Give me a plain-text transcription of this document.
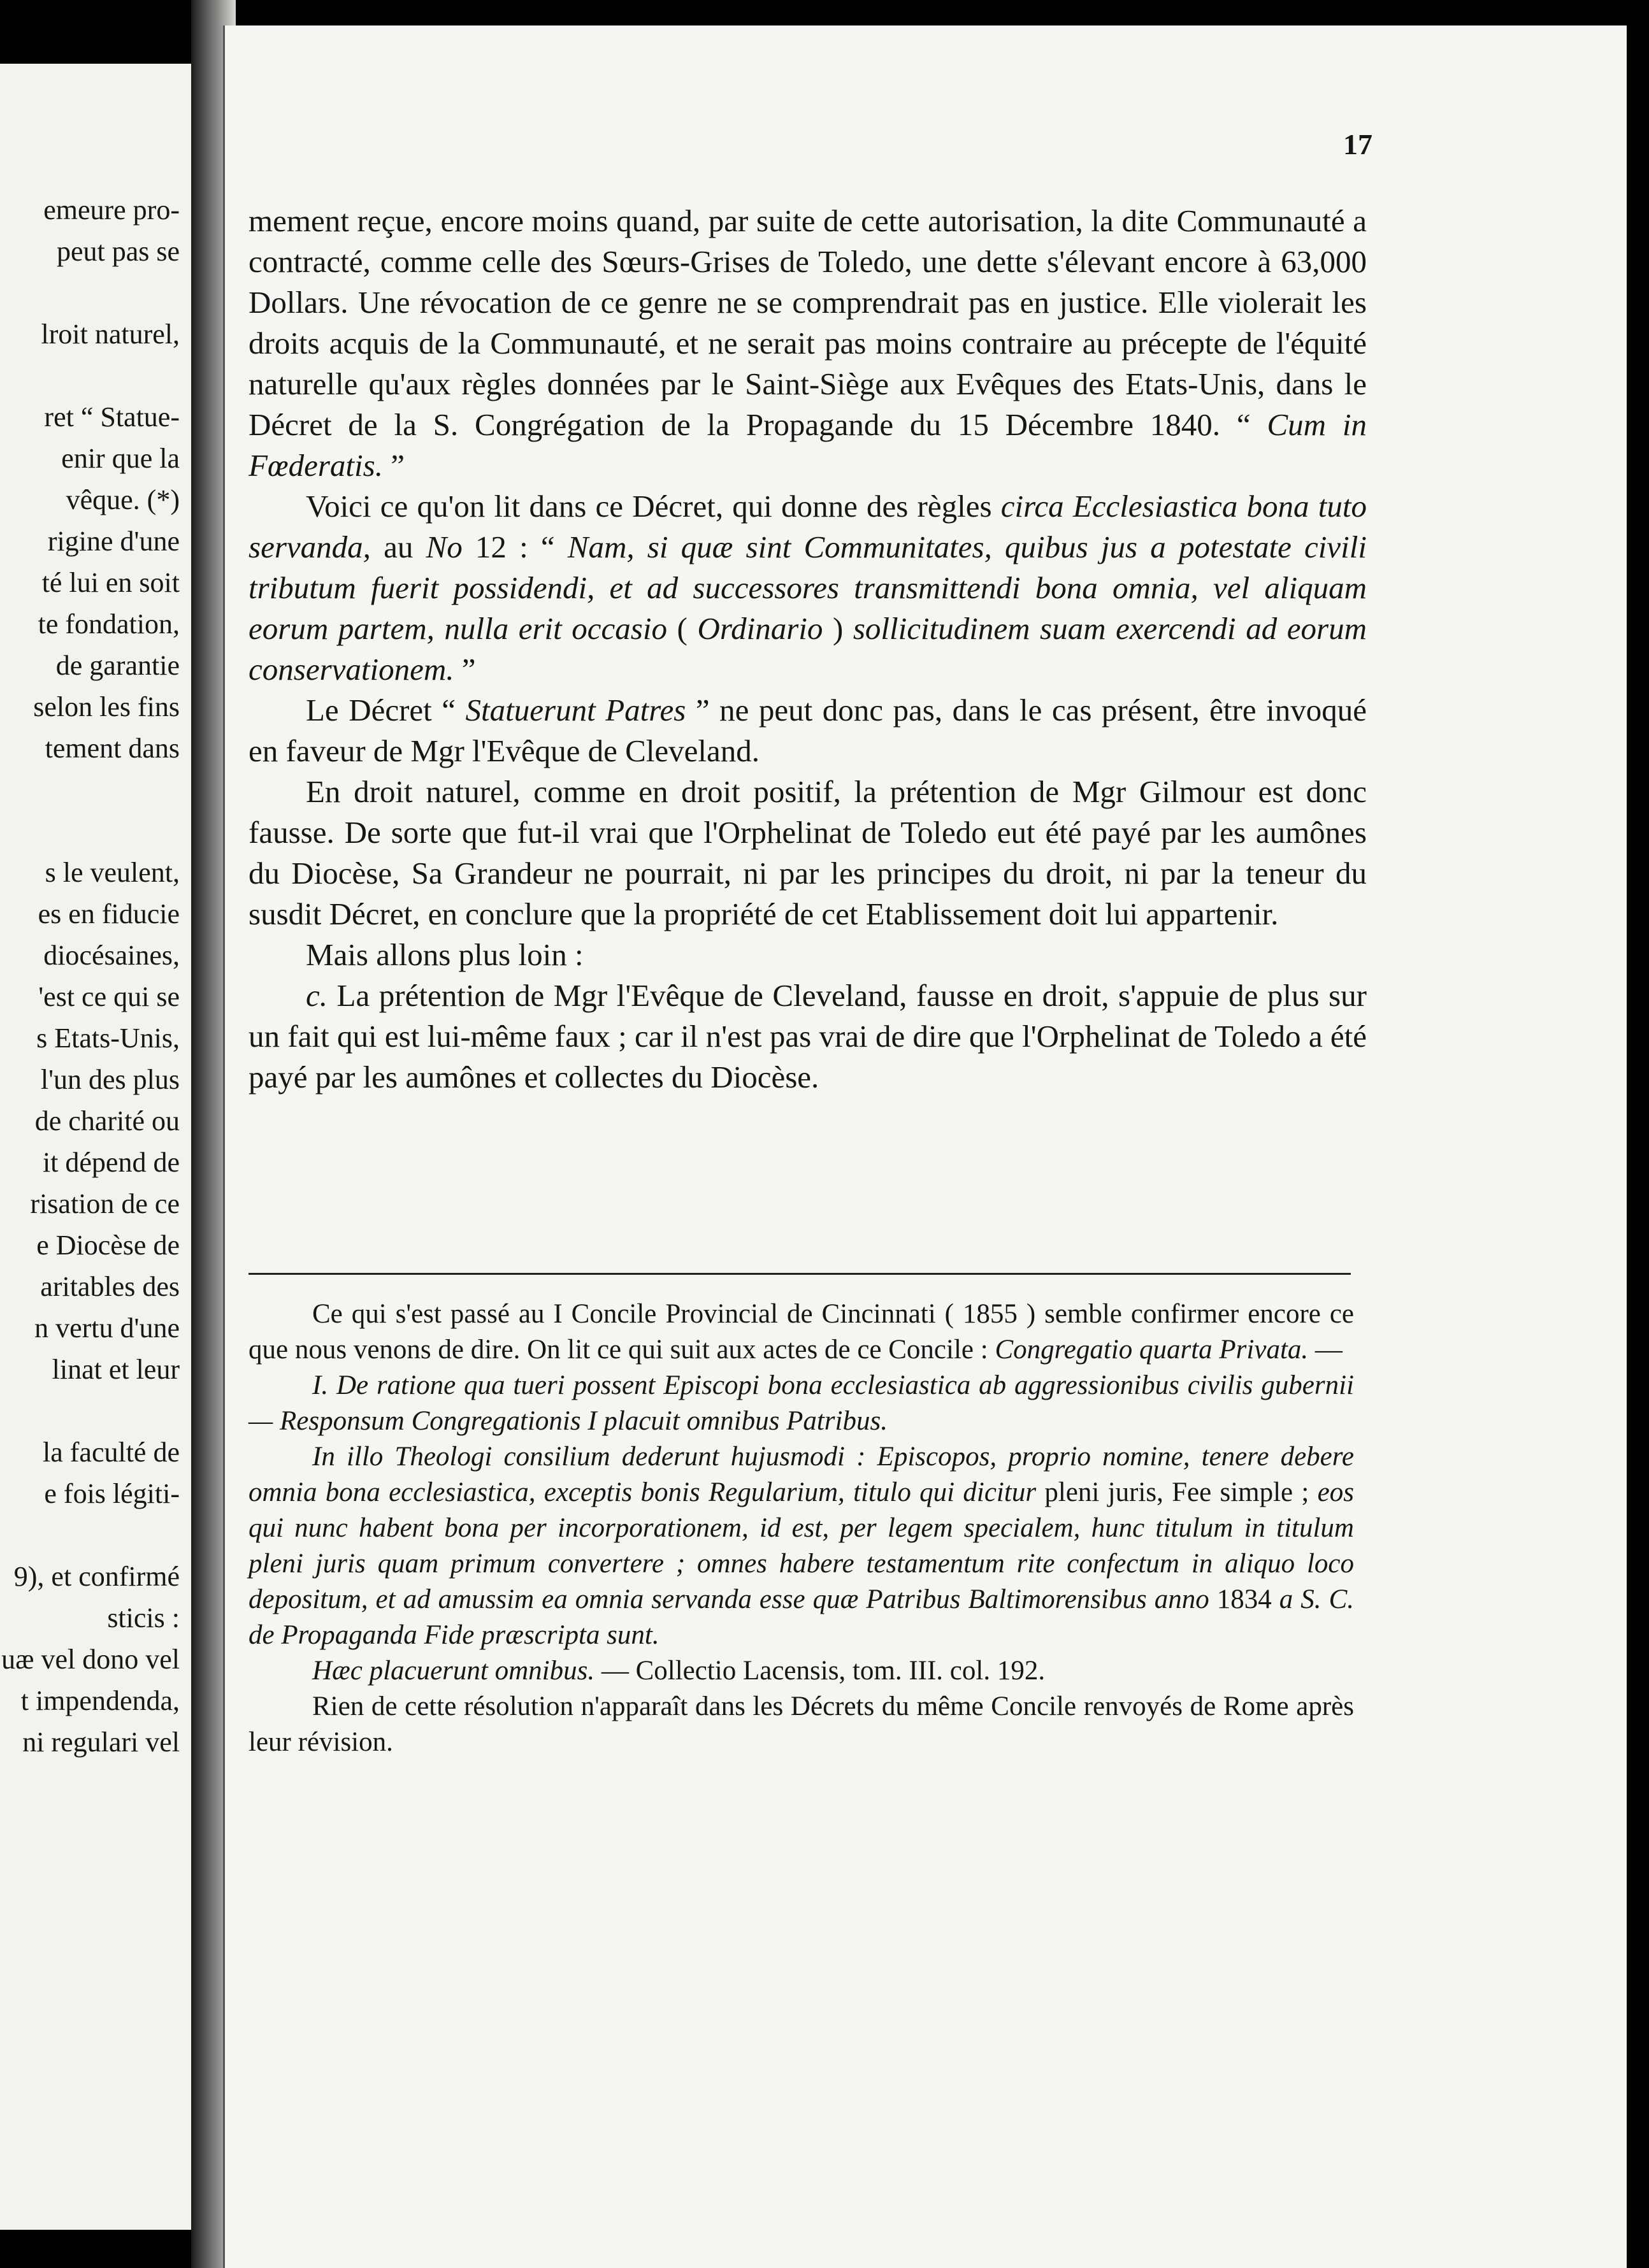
emeure pro-
peut pas se
lroit naturel,
ret “ Statue-
enir que la
vêque. (*)
rigine d'une
té lui en soit
te fondation,
de garantie
selon les fins
tement dans
s le veulent,
es en fiducie
diocésaines,
'est ce qui se
s Etats-Unis,
l'un des plus
de charité ou
it dépend de
risation de ce
e Diocèse de
aritables des
n vertu d'une
linat et leur
la faculté de
e fois légiti-
9), et confirmé
sticis :
uæ vel dono vel
t impendenda,
ni regulari vel
17

mement reçue, encore moins quand, par suite de cette autorisation, la dite Communauté a contracté, comme celle des Sœurs-Grises de Toledo, une dette s'élevant encore à 63,000 Dollars. Une révocation de ce genre ne se comprendrait pas en justice. Elle violerait les droits acquis de la Communauté, et ne serait pas moins contraire au précepte de l'équité naturelle qu'aux règles données par le Saint-Siège aux Evêques des Etats-Unis, dans le Décret de la S. Congrégation de la Propagande du 15 Décembre 1840. “ Cum in Fœderatis. ”

Voici ce qu'on lit dans ce Décret, qui donne des règles circa Ecclesiastica bona tuto servanda, au No 12 : “ Nam, si quæ sint Communitates, quibus jus a potestate civili tributum fuerit possidendi, et ad successores transmittendi bona omnia, vel aliquam eorum partem, nulla erit occasio ( Ordinario ) sollicitudinem suam exercendi ad eorum conservationem. ”

Le Décret “ Statuerunt Patres ” ne peut donc pas, dans le cas présent, être invoqué en faveur de Mgr l'Evêque de Cleveland.

En droit naturel, comme en droit positif, la prétention de Mgr Gilmour est donc fausse. De sorte que fut-il vrai que l'Orphelinat de Toledo eut été payé par les aumônes du Diocèse, Sa Grandeur ne pourrait, ni par les principes du droit, ni par la teneur du susdit Décret, en conclure que la propriété de cet Etablissement doit lui appartenir.

Mais allons plus loin :

c. La prétention de Mgr l'Evêque de Cleveland, fausse en droit, s'appuie de plus sur un fait qui est lui-même faux ; car il n'est pas vrai de dire que l'Orphelinat de Toledo a été payé par les aumônes et collectes du Diocèse.

Ce qui s'est passé au I Concile Provincial de Cincinnati ( 1855 ) semble confirmer encore ce que nous venons de dire. On lit ce qui suit aux actes de ce Concile : Congregatio quarta Privata. —

I. De ratione qua tueri possent Episcopi bona ecclesiastica ab aggressionibus civilis gubernii — Responsum Congregationis I placuit omnibus Patribus.

In illo Theologi consilium dederunt hujusmodi : Episcopos, proprio nomine, tenere debere omnia bona ecclesiastica, exceptis bonis Regularium, titulo qui dicitur pleni juris, Fee simple ; eos qui nunc habent bona per incorporationem, id est, per legem specialem, hunc titulum in titulum pleni juris quam primum convertere ; omnes habere testamentum rite confectum in aliquo loco depositum, et ad amussim ea omnia servanda esse quæ Patribus Baltimorensibus anno 1834 a S. C. de Propaganda Fide præscripta sunt.

Hæc placuerunt omnibus. — Collectio Lacensis, tom. III. col. 192.

Rien de cette résolution n'apparaît dans les Décrets du même Concile renvoyés de Rome après leur révision.
